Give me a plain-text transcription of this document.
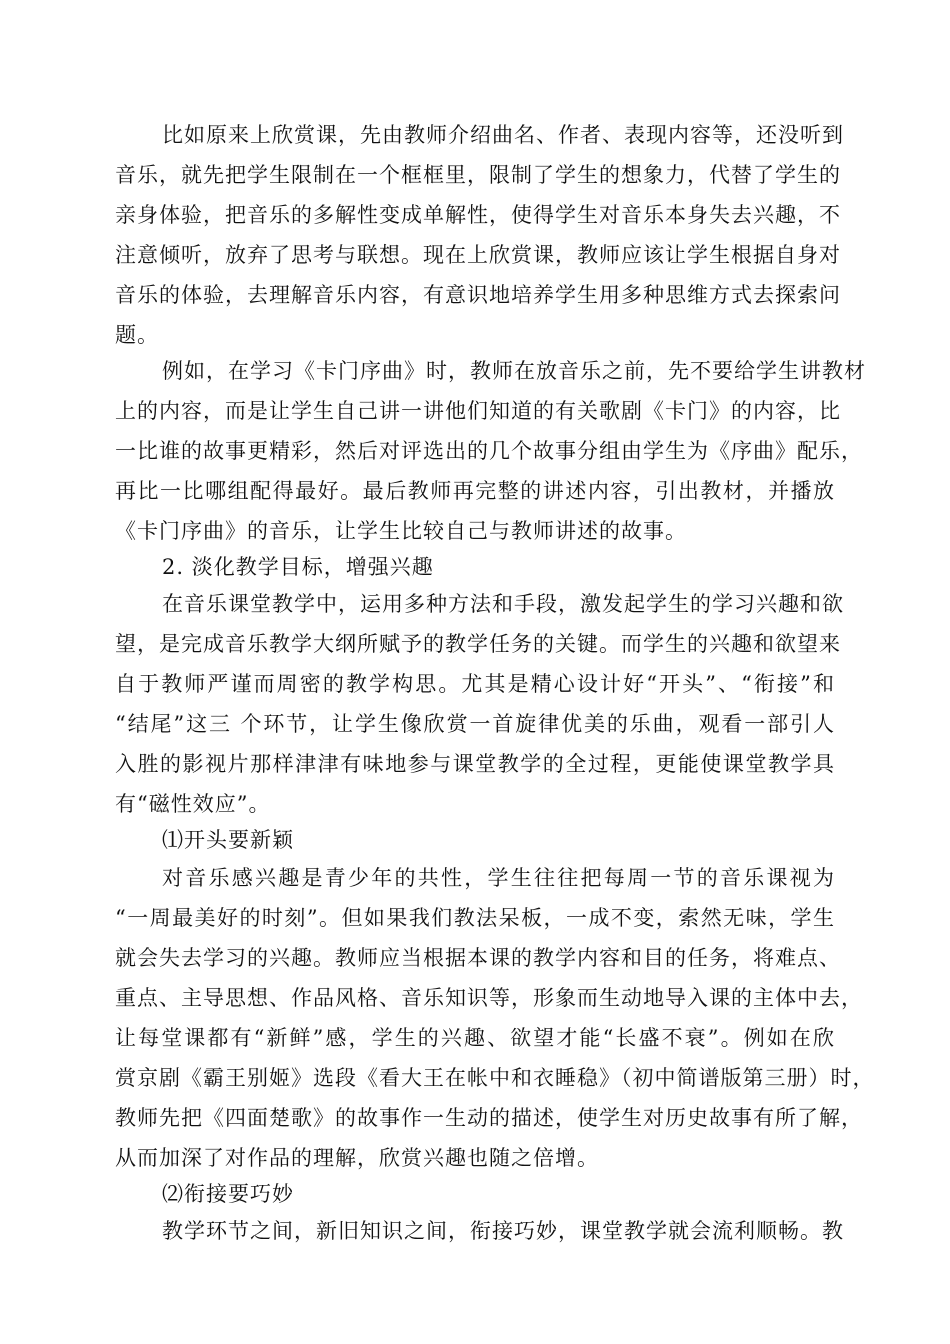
比如原来上欣赏课，先由教师介绍曲名、作者、表现内容等，还没听到
音乐，就先把学生限制在一个框框里，限制了学生的想象力，代替了学生的
亲身体验，把音乐的多解性变成单解性，使得学生对音乐本身失去兴趣，不
注意倾听，放弃了思考与联想。现在上欣赏课，教师应该让学生根据自身对
音乐的体验，去理解音乐内容，有意识地培养学生用多种思维方式去探索问
题。
例如，在学习《卡门序曲》时，教师在放音乐之前，先不要给学生讲教材
上的内容，而是让学生自己讲一讲他们知道的有关歌剧《卡门》的内容，比
一比谁的故事更精彩，然后对评选出的几个故事分组由学生为《序曲》配乐，
再比一比哪组配得最好。最后教师再完整的讲述内容，引出教材，并播放
《卡门序曲》的音乐，让学生比较自己与教师讲述的故事。
2. 淡化教学目标，增强兴趣
在音乐课堂教学中，运用多种方法和手段，激发起学生的学习兴趣和欲
望，是完成音乐教学大纲所赋予的教学任务的关键。而学生的兴趣和欲望来
自于教师严谨而周密的教学构思。尤其是精心设计好“开头”、“衔接”和
“结尾”这三 个环节，让学生像欣赏一首旋律优美的乐曲，观看一部引人
入胜的影视片那样津津有味地参与课堂教学的全过程，更能使课堂教学具
有“磁性效应”。
⑴开头要新颖
对音乐感兴趣是青少年的共性，学生往往把每周一节的音乐课视为
“一周最美好的时刻”。但如果我们教法呆板，一成不变，索然无味，学生
就会失去学习的兴趣。教师应当根据本课的教学内容和目的任务，将难点、
重点、主导思想、作品风格、音乐知识等，形象而生动地导入课的主体中去，
让每堂课都有“新鲜”感，学生的兴趣、欲望才能“长盛不衰”。例如在欣
赏京剧《霸王别姬》选段《看大王在帐中和衣睡稳》（初中简谱版第三册）时，
教师先把《四面楚歌》的故事作一生动的描述，使学生对历史故事有所了解，
从而加深了对作品的理解，欣赏兴趣也随之倍增。
⑵衔接要巧妙
教学环节之间，新旧知识之间，衔接巧妙，课堂教学就会流利顺畅。教
